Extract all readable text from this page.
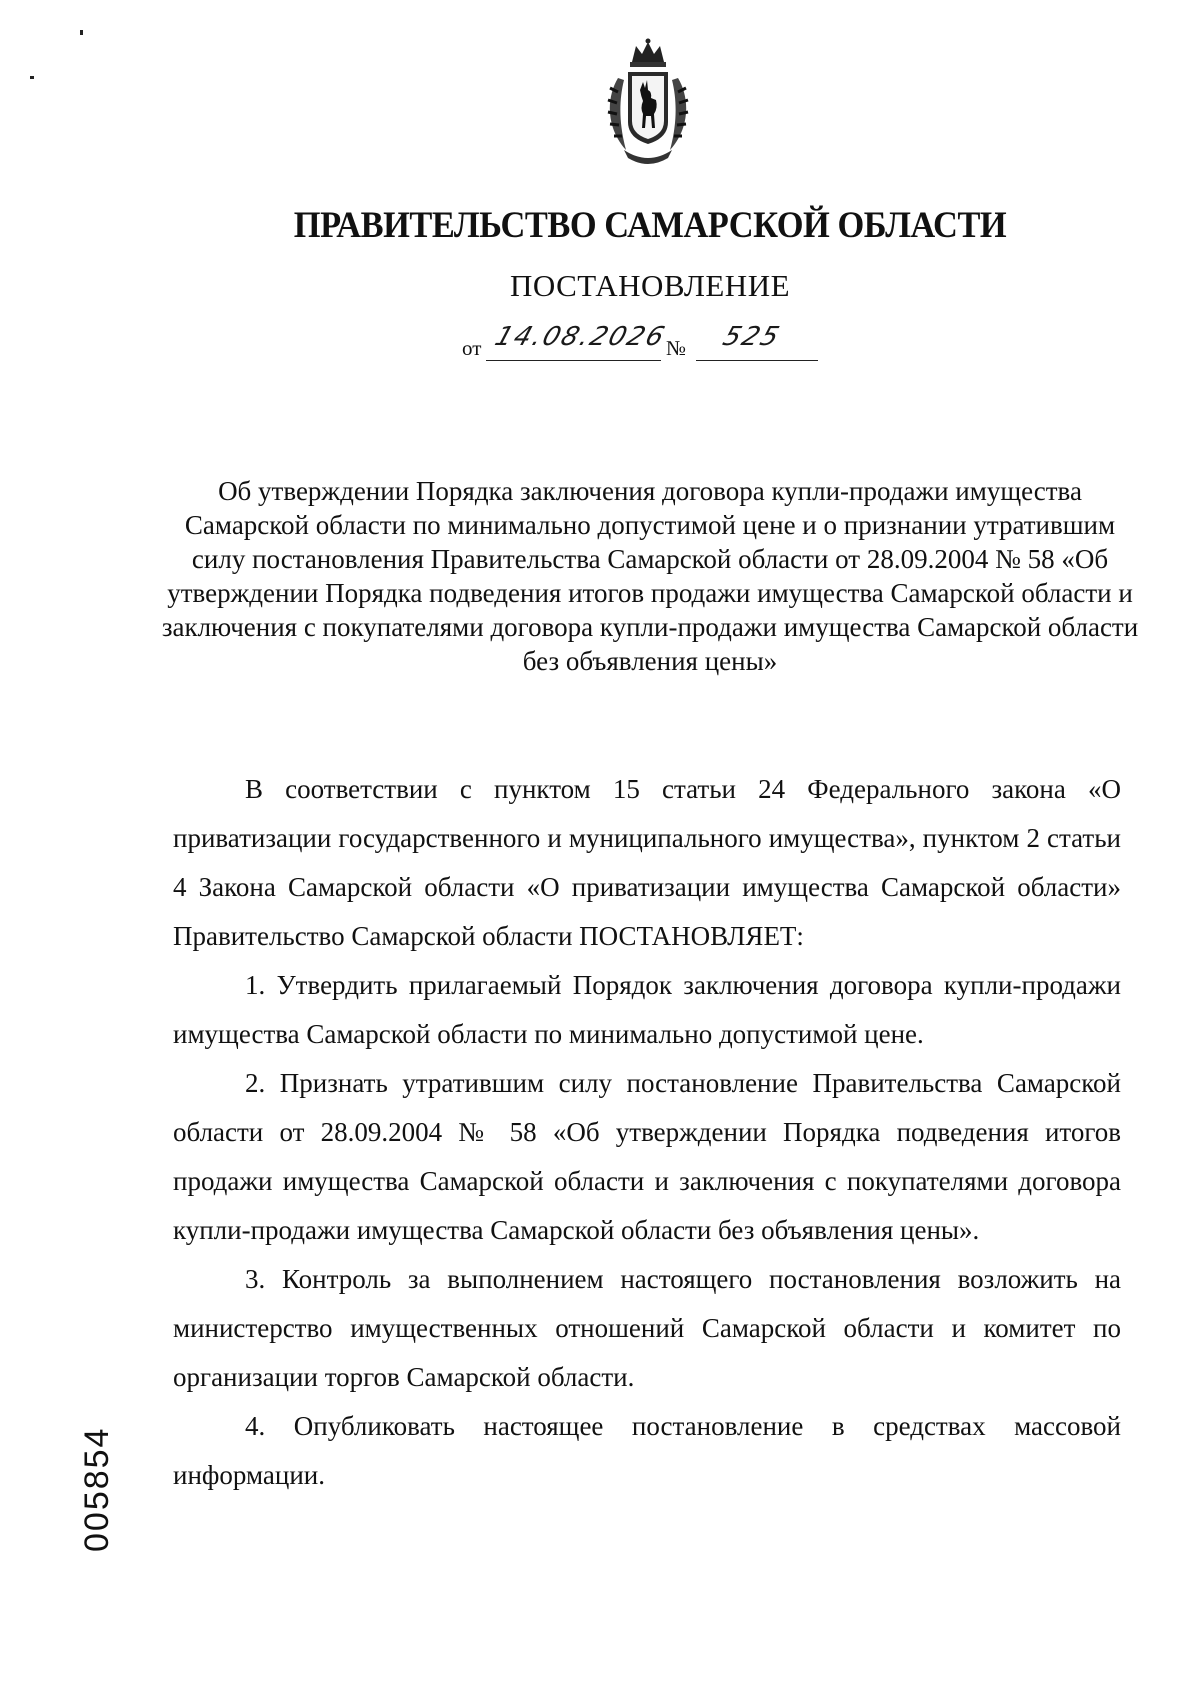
ПРАВИТЕЛЬСТВО САМАРСКОЙ ОБЛАСТИ
ПОСТАНОВЛЕНИЕ
от 14.08.2026
№ 525
Об утверждении Порядка заключения договора купли-продажи имущества Самарской области по минимально допустимой цене и о признании утратившим силу постановления Правительства Самарской области от 28.09.2004 № 58 «Об утверждении Порядка подведения итогов продажи имущества Самарской области и заключения с покупателями договора купли-продажи имущества Самарской области без объявления цены»

В соответствии с пунктом 15 статьи 24 Федерального закона «О приватизации государственного и муниципального имущества», пунктом 2 статьи 4 Закона Самарской области «О приватизации имущества Самарской области» Правительство Самарской области ПОСТАНОВЛЯЕТ:

1. Утвердить прилагаемый Порядок заключения договора купли-продажи имущества Самарской области по минимально допустимой цене.

2. Признать утратившим силу постановление Правительства Самарской области от 28.09.2004 № 58 «Об утверждении Порядка подведения итогов продажи имущества Самарской области и заключения с покупателями договора купли-продажи имущества Самарской области без объявления цены».

3. Контроль за выполнением настоящего постановления возложить на министерство имущественных отношений Самарской области и комитет по организации торгов Самарской области.

4. Опубликовать настоящее постановление в средствах массовой информации.

005854
